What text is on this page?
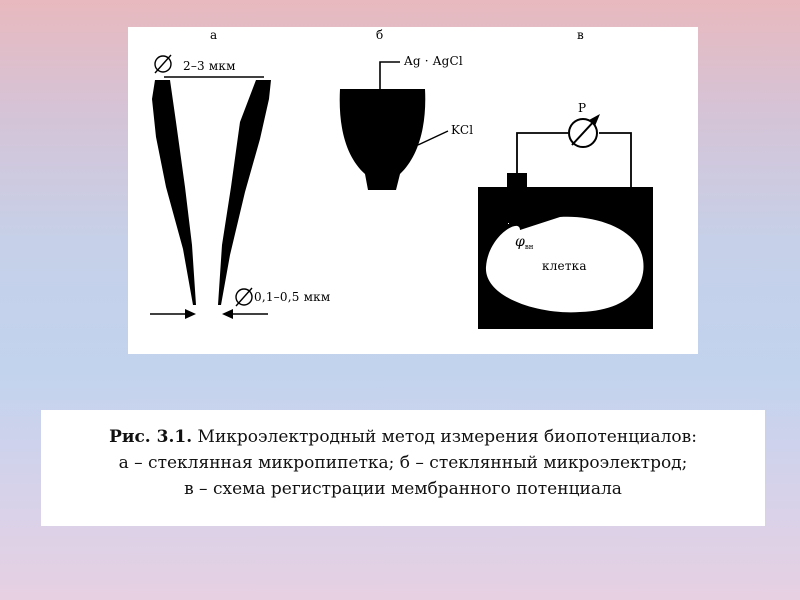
а	б	в
2–3 мкм
0,1–0,5 мкм
Ag · AgCl
KCl
P
$\varphi_{вн}$
клетка
Рис. 3.1. Микроэлектродный метод измерения биопотенциалов:
а – стеклянная микропипетка; б – стеклянный микроэлектрод;
в – схема регистрации мембранного потенциала
